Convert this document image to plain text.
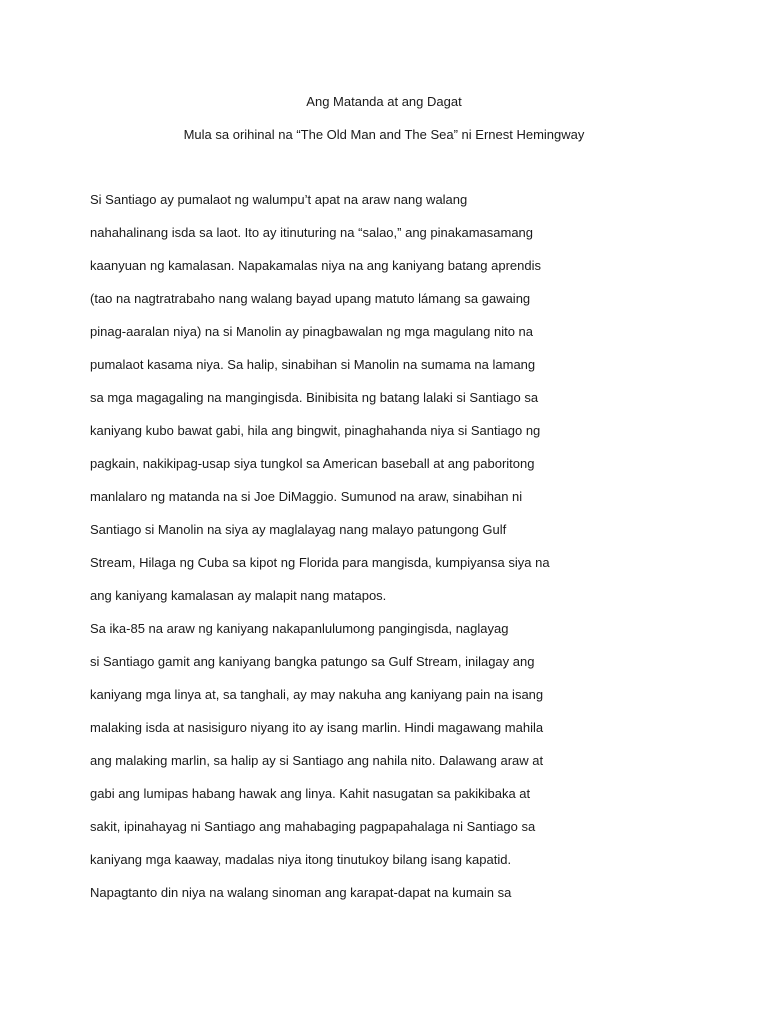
Ang Matanda at ang Dagat
Mula sa orihinal na “The Old Man and The Sea” ni Ernest Hemingway
Si Santiago ay pumalaot ng walumpu’t apat na araw nang walang
nahahalinang isda sa laot. Ito ay itinuturing na “salao,” ang pinakamasamang
kaanyuan ng kamalasan. Napakamalas niya na ang kaniyang batang aprendis
(tao na nagtratrabaho nang walang bayad upang matuto lámang sa gawaing
pinag-aaralan niya) na si Manolin ay pinagbawalan ng mga magulang nito na
pumalaot kasama niya. Sa halip, sinabihan si Manolin na sumama na lamang
sa mga magagaling na mangingisda. Binibisita ng batang lalaki si Santiago sa
kaniyang kubo bawat gabi, hila ang bingwit, pinaghahanda niya si Santiago ng
pagkain, nakikipag-usap siya tungkol sa American baseball at ang paboritong
manlalaro ng matanda na si Joe DiMaggio. Sumunod na araw, sinabihan ni
Santiago si Manolin na siya ay maglalayag nang malayo patungong Gulf
Stream, Hilaga ng Cuba sa kipot ng Florida para mangisda, kumpiyansa siya na
ang kaniyang kamalasan ay malapit nang matapos.
Sa ika-85 na araw ng kaniyang nakapanlulumong pangingisda, naglayag
si Santiago gamit ang kaniyang bangka patungo sa Gulf Stream, inilagay ang
kaniyang mga linya at, sa tanghali, ay may nakuha ang kaniyang pain na isang
malaking isda at nasisiguro niyang ito ay isang marlin. Hindi magawang mahila
ang malaking marlin, sa halip ay si Santiago ang nahila nito. Dalawang araw at
gabi ang lumipas habang hawak ang linya. Kahit nasugatan sa pakikibaka at
sakit, ipinahayag ni Santiago ang mahabaging pagpapahalaga ni Santiago sa
kaniyang mga kaaway, madalas niya itong tinutukoy bilang isang kapatid.
Napagtanto din niya na walang sinoman ang karapat-dapat na kumain sa
